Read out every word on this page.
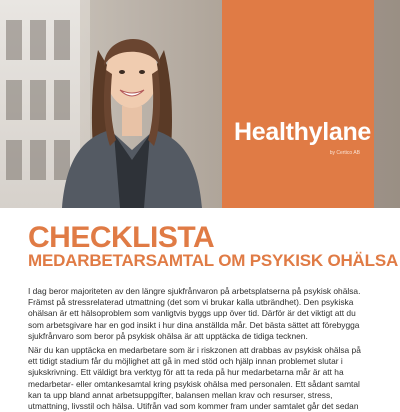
Healthylane
by Certico AB
CHECKLISTA
MEDARBETARSAMTAL OM PSYKISK OHÄLSA

I dag beror majoriteten av den längre sjukfrånvaron på arbetsplatserna på psykisk ohälsa. Främst på stressrelaterad utmattning (det som vi brukar kalla utbrändhet). Den psykiska ohälsan är ett hälsoproblem som vanligtvis byggs upp över tid. Därför är det viktigt att du som arbetsgivare har en god insikt i hur dina anställda mår. Det bästa sättet att förebygga sjukfrånvaro som beror på psykisk ohälsa är att upptäcka de tidiga tecknen.

När du kan upptäcka en medarbetare som är i riskzonen att drabbas av psykisk ohälsa på ett tidigt stadium får du möjlighet att gå in med stöd och hjälp innan problemet slutar i sjukskrivning. Ett väldigt bra verktyg för att ta reda på hur medarbetarna mår är att ha medarbetar- eller omtankesamtal kring psykisk ohälsa med personalen. Ett sådant samtal kan ta upp bland annat arbetsuppgifter, balansen mellan krav och resurser, stress, utmattning, livsstil och hälsa. Utifrån vad som kommer fram under samtalet går det sedan
